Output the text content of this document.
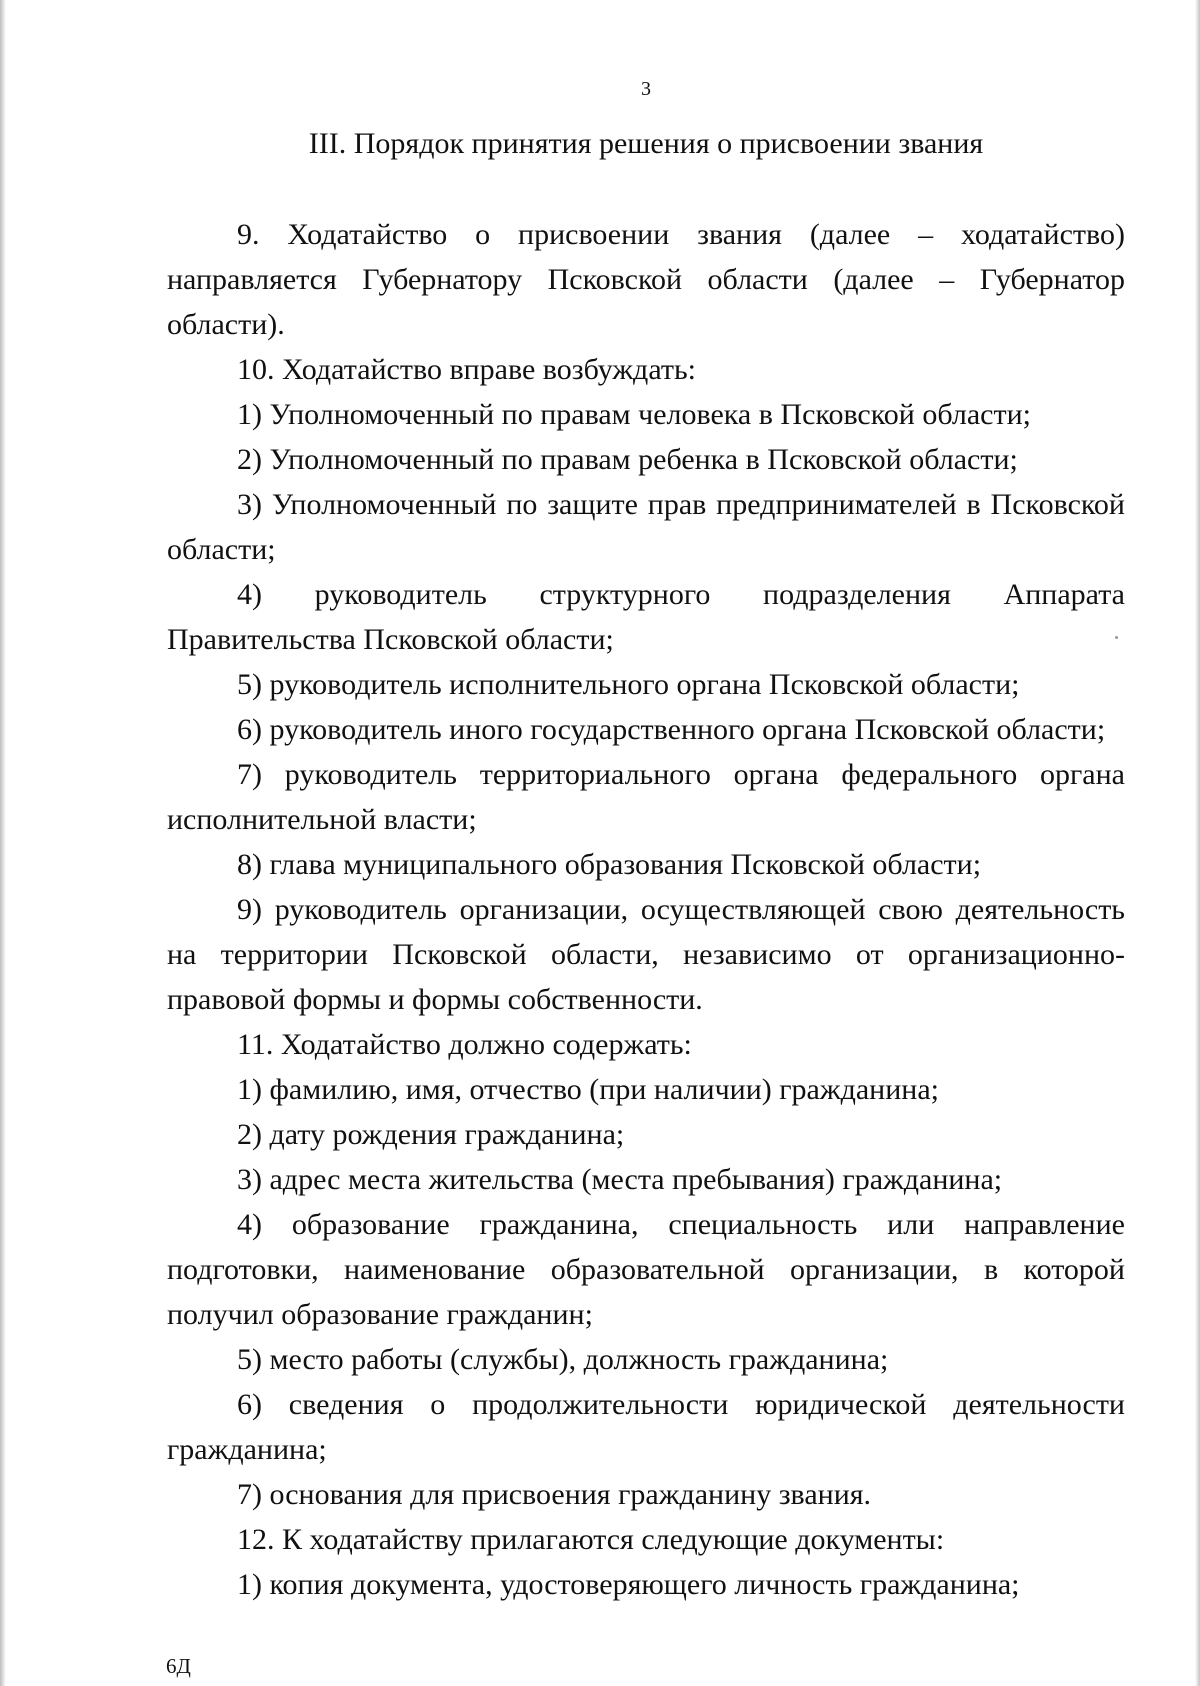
3
III. Порядок принятия решения о присвоении звания

9. Ходатайство о присвоении звания (далее – ходатайство) направляется Губернатору Псковской области (далее – Губернатор области).

10. Ходатайство вправе возбуждать:

1) Уполномоченный по правам человека в Псковской области;

2) Уполномоченный по правам ребенка в Псковской области;

3) Уполномоченный по защите прав предпринимателей в Псковской области;

4) руководитель структурного подразделения Аппарата Правительства Псковской области;

5) руководитель исполнительного органа Псковской области;

6) руководитель иного государственного органа Псковской области;

7) руководитель территориального органа федерального органа исполнительной власти;

8) глава муниципального образования Псковской области;

9) руководитель организации, осуществляющей свою деятельность на территории Псковской области, независимо от организационно-правовой формы и формы собственности.

11. Ходатайство должно содержать:

1) фамилию, имя, отчество (при наличии) гражданина;

2) дату рождения гражданина;

3) адрес места жительства (места пребывания) гражданина;

4) образование гражданина, специальность или направление подготовки, наименование образовательной организации, в которой получил образование гражданин;

5) место работы (службы), должность гражданина;

6) сведения о продолжительности юридической деятельности гражданина;

7) основания для присвоения гражданину звания.

12. К ходатайству прилагаются следующие документы:

1) копия документа, удостоверяющего личность гражданина;

6Д
